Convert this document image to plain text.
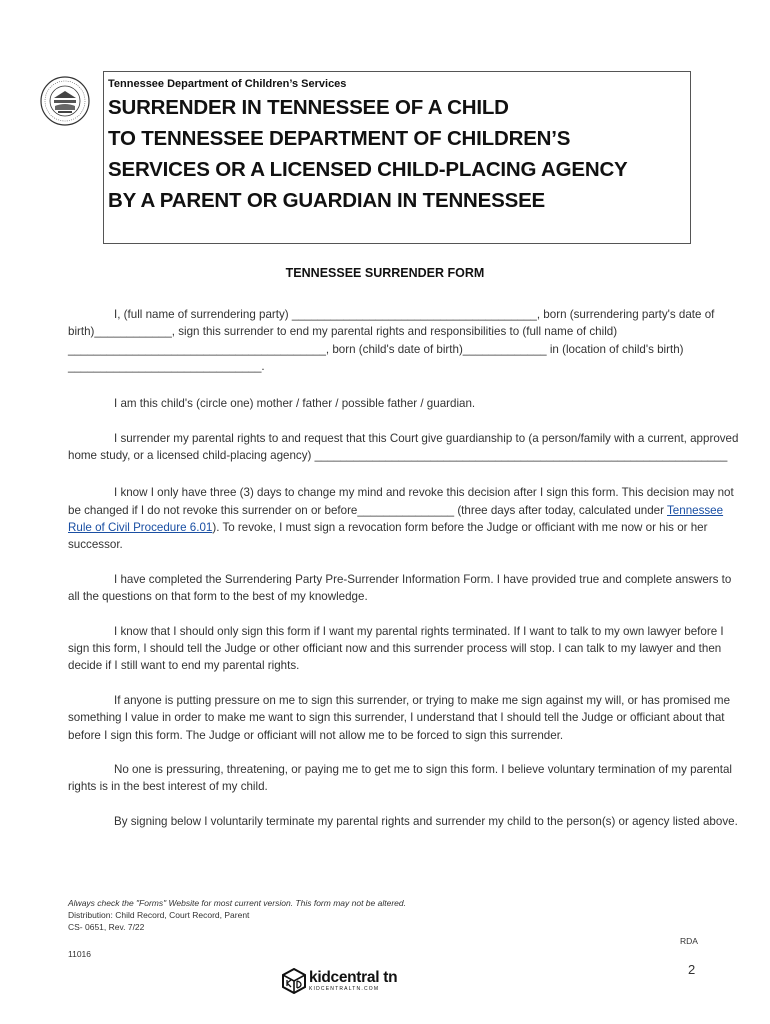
Tennessee Department of Children’s Services
SURRENDER IN TENNESSEE OF A CHILD
TO TENNESSEE DEPARTMENT OF CHILDREN’S
SERVICES OR A LICENSED CHILD-PLACING AGENCY
BY A PARENT OR GUARDIAN IN TENNESSEE
TENNESSEE SURRENDER FORM

I, (full name of surrendering party) ______________________________________, born (surrendering party's date of birth)____________, sign this surrender to end my parental rights and responsibilities to (full name of child) ________________________________________, born (child's date of birth)_____________ in (location of child's birth) ______________________________.

I am this child's (circle one) mother / father / possible father / guardian.

I surrender my parental rights to and request that this Court give guardianship to (a person/family with a current, approved home study, or a licensed child-placing agency) ________________________________________________________________

I know I only have three (3) days to change my mind and revoke this decision after I sign this form. This decision may not be changed if I do not revoke this surrender on or before_______________ (three days after today, calculated under Tennessee Rule of Civil Procedure 6.01). To revoke, I must sign a revocation form before the Judge or officiant with me now or his or her successor.

I have completed the Surrendering Party Pre-Surrender Information Form. I have provided true and complete answers to all the questions on that form to the best of my knowledge.

I know that I should only sign this form if I want my parental rights terminated. If I want to talk to my own lawyer before I sign this form, I should tell the Judge or other officiant now and this surrender process will stop. I can talk to my lawyer and then decide if I still want to end my parental rights.

If anyone is putting pressure on me to sign this surrender, or trying to make me sign against my will, or has promised me something I value in order to make me want to sign this surrender, I understand that I should tell the Judge or officiant about that before I sign this form. The Judge or officiant will not allow me to be forced to sign this surrender.

No one is pressuring, threatening, or paying me to get me to sign this form. I believe voluntary termination of my parental rights is in the best interest of my child.

By signing below I voluntarily terminate my parental rights and surrender my child to the person(s) or agency listed above.

Always check the "Forms" Website for most current version. This form may not be altered.
Distribution: Child Record, Court Record, Parent
CS- 0651, Rev. 7/22
11016
RDA
2
kidcentral tn
KIDCENTRALTN.COM
